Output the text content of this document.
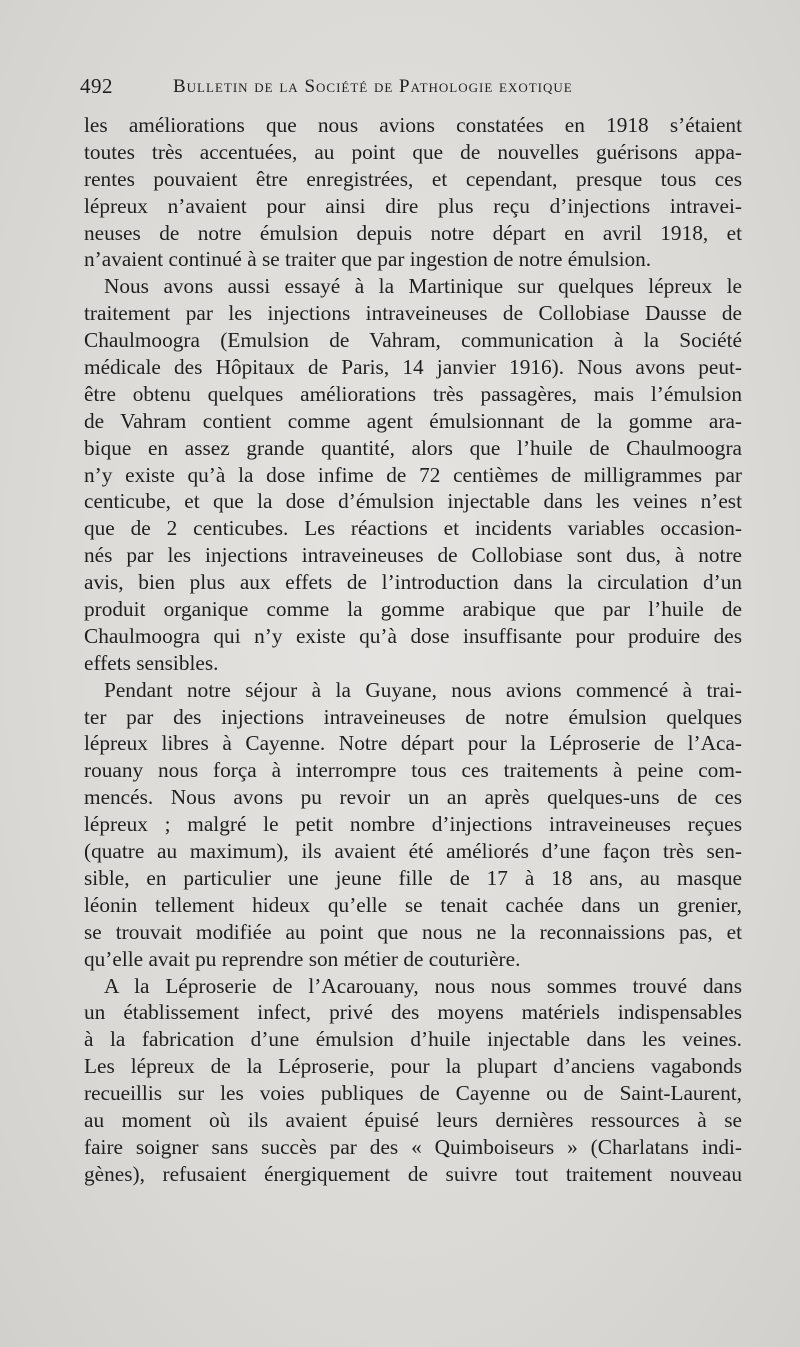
492	Bulletin de la Société de Pathologie exotique
les améliorations que nous avions constatées en 1918 s’étaient
toutes très accentuées, au point que de nouvelles guérisons appa-
rentes pouvaient être enregistrées, et cependant, presque tous ces
lépreux n’avaient pour ainsi dire plus reçu d’injections intravei-
neuses de notre émulsion depuis notre départ en avril 1918, et
n’avaient continué à se traiter que par ingestion de notre émulsion.
Nous avons aussi essayé à la Martinique sur quelques lépreux le
traitement par les injections intraveineuses de Collobiase Dausse de
Chaulmoogra (Emulsion de Vahram, communication à la Société
médicale des Hôpitaux de Paris, 14 janvier 1916). Nous avons peut-
être obtenu quelques améliorations très passagères, mais l’émulsion
de Vahram contient comme agent émulsionnant de la gomme ara-
bique en assez grande quantité, alors que l’huile de Chaulmoogra
n’y existe qu’à la dose infime de 72 centièmes de milligrammes par
centicube, et que la dose d’émulsion injectable dans les veines n’est
que de 2 centicubes. Les réactions et incidents variables occasion-
nés par les injections intraveineuses de Collobiase sont dus, à notre
avis, bien plus aux effets de l’introduction dans la circulation d’un
produit organique comme la gomme arabique que par l’huile de
Chaulmoogra qui n’y existe qu’à dose insuffisante pour produire des
effets sensibles.
Pendant notre séjour à la Guyane, nous avions commencé à trai-
ter par des injections intraveineuses de notre émulsion quelques
lépreux libres à Cayenne. Notre départ pour la Léproserie de l’Aca-
rouany nous força à interrompre tous ces traitements à peine com-
mencés. Nous avons pu revoir un an après quelques-uns de ces
lépreux ; malgré le petit nombre d’injections intraveineuses reçues
(quatre au maximum), ils avaient été améliorés d’une façon très sen-
sible, en particulier une jeune fille de 17 à 18 ans, au masque
léonin tellement hideux qu’elle se tenait cachée dans un grenier,
se trouvait modifiée au point que nous ne la reconnaissions pas, et
qu’elle avait pu reprendre son métier de couturière.
A la Léproserie de l’Acarouany, nous nous sommes trouvé dans
un établissement infect, privé des moyens matériels indispensables
à la fabrication d’une émulsion d’huile injectable dans les veines.
Les lépreux de la Léproserie, pour la plupart d’anciens vagabonds
recueillis sur les voies publiques de Cayenne ou de Saint-Laurent,
au moment où ils avaient épuisé leurs dernières ressources à se
faire soigner sans succès par des « Quimboiseurs » (Charlatans indi-
gènes), refusaient énergiquement de suivre tout traitement nouveau
